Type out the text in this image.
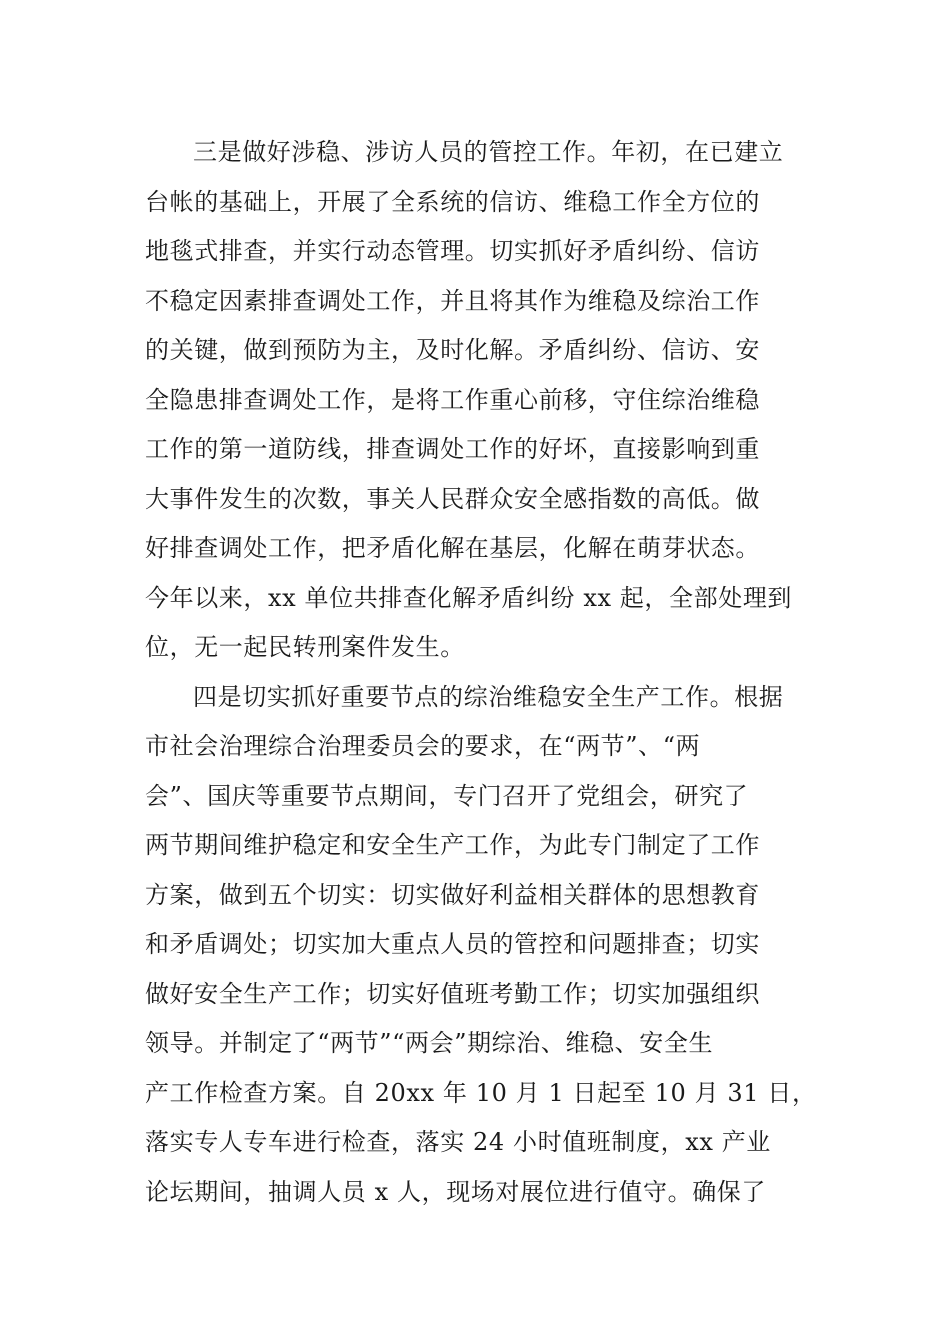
三是做好涉稳、涉访人员的管控工作。年初，在已建立
台帐的基础上，开展了全系统的信访、维稳工作全方位的
地毯式排查，并实行动态管理。切实抓好矛盾纠纷、信访
不稳定因素排查调处工作，并且将其作为维稳及综治工作
的关键，做到预防为主，及时化解。矛盾纠纷、信访、安
全隐患排查调处工作，是将工作重心前移，守住综治维稳
工作的第一道防线，排查调处工作的好坏，直接影响到重
大事件发生的次数，事关人民群众安全感指数的高低。做
好排查调处工作，把矛盾化解在基层，化解在萌芽状态。
今年以来，xx 单位共排查化解矛盾纠纷 xx 起，全部处理到
位，无一起民转刑案件发生。
四是切实抓好重要节点的综治维稳安全生产工作。根据
市社会治理综合治理委员会的要求，在“两节”、“两
会”、国庆等重要节点期间，专门召开了党组会，研究了
两节期间维护稳定和安全生产工作，为此专门制定了工作
方案，做到五个切实：切实做好利益相关群体的思想教育
和矛盾调处；切实加大重点人员的管控和问题排查；切实
做好安全生产工作；切实好值班考勤工作；切实加强组织
领导。并制定了“两节”“两会”期综治、维稳、安全生
产工作检查方案。自 20xx 年 10 月 1 日起至 10 月 31 日，
落实专人专车进行检查，落实 24 小时值班制度，xx 产业
论坛期间，抽调人员 x 人，现场对展位进行值守。确保了
